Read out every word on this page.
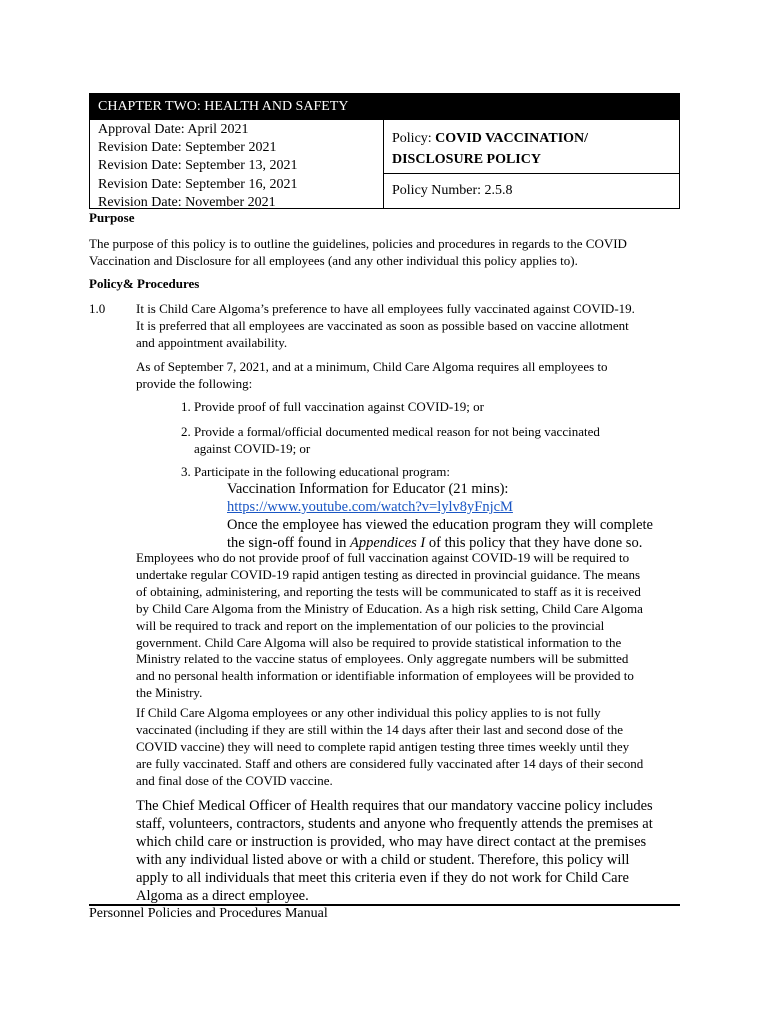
CHAPTER TWO: HEALTH AND SAFETY
Approval Date: April 2021
Revision Date: September 2021
Revision Date: September 13, 2021
Revision Date: September 16, 2021
Revision Date: November 2021
Policy: COVID VACCINATION/
DISCLOSURE POLICY
Policy Number: 2.5.8
Purpose
The purpose of this policy is to outline the guidelines, policies and procedures in regards to the COVID
Vaccination and Disclosure for all employees (and any other individual this policy applies to).
Policy& Procedures
1.0 It is Child Care Algoma’s preference to have all employees fully vaccinated against COVID-19.
It is preferred that all employees are vaccinated as soon as possible based on vaccine allotment
and appointment availability.
As of September 7, 2021, and at a minimum, Child Care Algoma requires all employees to
provide the following:
1. Provide proof of full vaccination against COVID-19; or
2. Provide a formal/official documented medical reason for not being vaccinated
against COVID-19; or
3. Participate in the following educational program:
Vaccination Information for Educator (21 mins):
https://www.youtube.com/watch?v=lylv8yFnjcM
Once the employee has viewed the education program they will complete
the sign-off found in Appendices I of this policy that they have done so.
Employees who do not provide proof of full vaccination against COVID-19 will be required to
undertake regular COVID-19 rapid antigen testing as directed in provincial guidance. The means
of obtaining, administering, and reporting the tests will be communicated to staff as it is received
by Child Care Algoma from the Ministry of Education. As a high risk setting, Child Care Algoma
will be required to track and report on the implementation of our policies to the provincial
government. Child Care Algoma will also be required to provide statistical information to the
Ministry related to the vaccine status of employees. Only aggregate numbers will be submitted
and no personal health information or identifiable information of employees will be provided to
the Ministry.
If Child Care Algoma employees or any other individual this policy applies to is not fully
vaccinated (including if they are still within the 14 days after their last and second dose of the
COVID vaccine) they will need to complete rapid antigen testing three times weekly until they
are fully vaccinated. Staff and others are considered fully vaccinated after 14 days of their second
and final dose of the COVID vaccine.
The Chief Medical Officer of Health requires that our mandatory vaccine policy includes
staff, volunteers, contractors, students and anyone who frequently attends the premises at
which child care or instruction is provided, who may have direct contact at the premises
with any individual listed above or with a child or student. Therefore, this policy will
apply to all individuals that meet this criteria even if they do not work for Child Care
Algoma as a direct employee.
Personnel Policies and Procedures Manual
